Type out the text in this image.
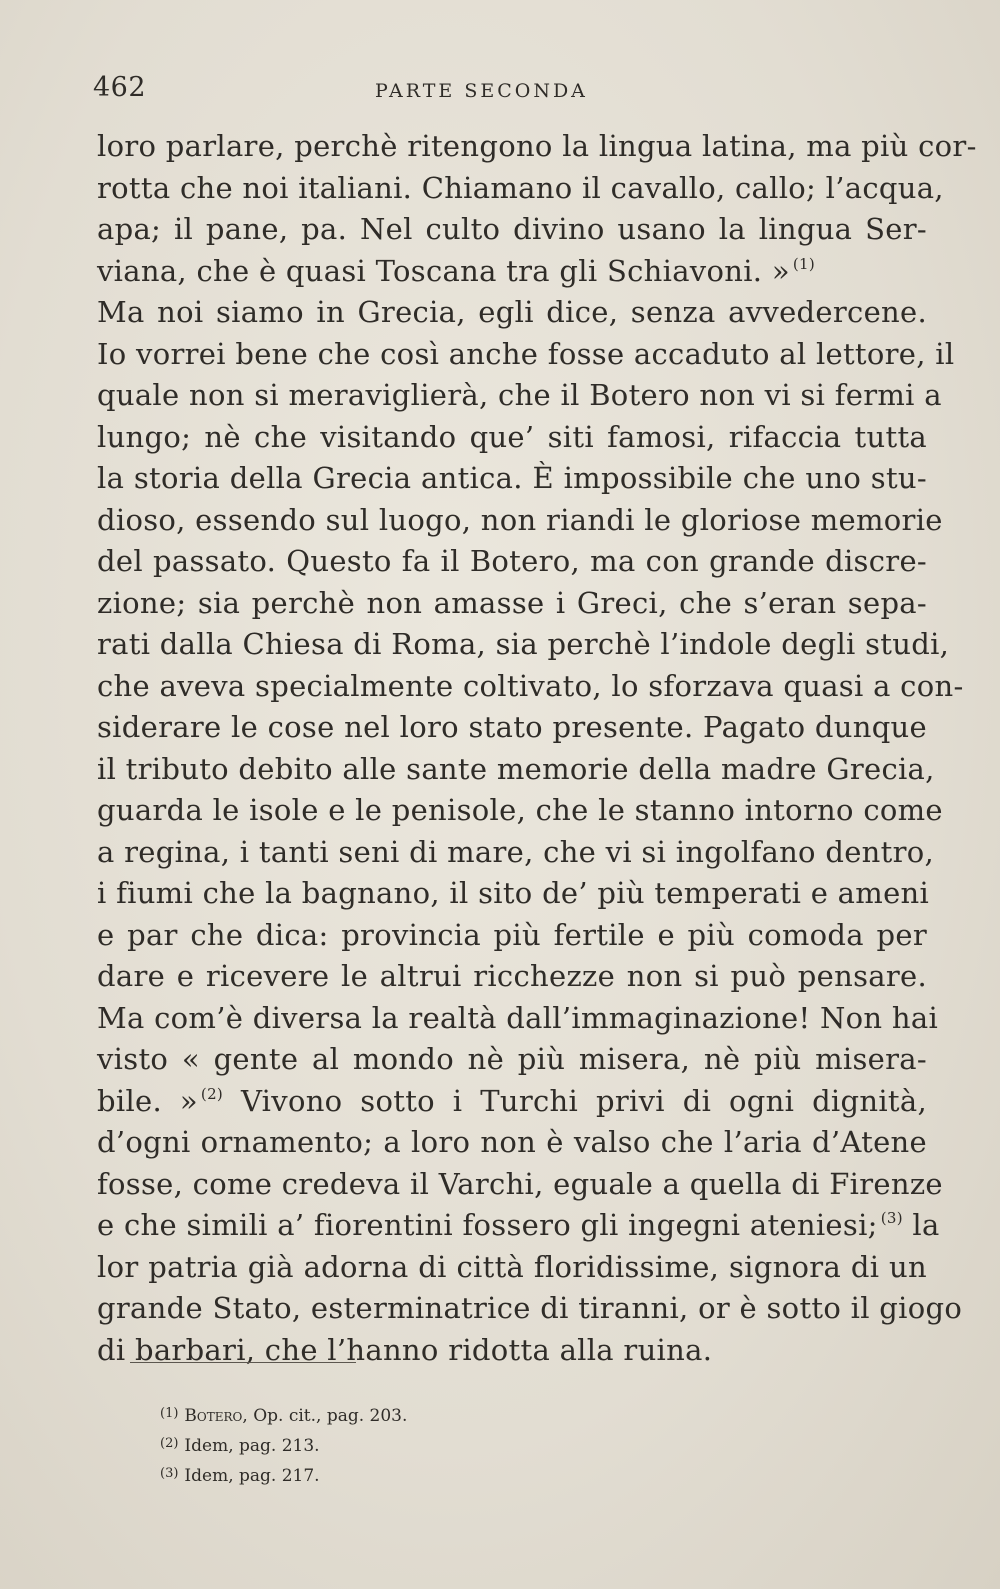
462	PARTE SECONDA
loro parlare, perchè ritengono la lingua latina, ma più cor-
rotta che noi italiani. Chiamano il cavallo, callo; l’acqua,
apa; il pane, pa. Nel culto divino usano la lingua Ser-
viana, che è quasi Toscana tra gli Schiavoni. » $^{(1)}$
Ma noi siamo in Grecia, egli dice, senza avvedercene.
Io vorrei bene che così anche fosse accaduto al lettore, il
quale non si meraviglierà, che il Botero non vi si fermi a
lungo; nè che visitando que’ siti famosi, rifaccia tutta
la storia della Grecia antica. È impossibile che uno stu-
dioso, essendo sul luogo, non riandi le gloriose memorie
del passato. Questo fa il Botero, ma con grande discre-
zione; sia perchè non amasse i Greci, che s’eran sepa-
rati dalla Chiesa di Roma, sia perchè l’indole degli studi,
che aveva specialmente coltivato, lo sforzava quasi a con-
siderare le cose nel loro stato presente. Pagato dunque
il tributo debito alle sante memorie della madre Grecia,
guarda le isole e le penisole, che le stanno intorno come
a regina, i tanti seni di mare, che vi si ingolfano dentro,
i fiumi che la bagnano, il sito de’ più temperati e ameni
e par che dica: provincia più fertile e più comoda per
dare e ricevere le altrui ricchezze non si può pensare.
Ma com’è diversa la realtà dall’immaginazione! Non hai
visto « gente al mondo nè più misera, nè più misera-
bile. » $^{(2)}$ Vivono sotto i Turchi privi di ogni dignità,
d’ogni ornamento; a loro non è valso che l’aria d’Atene
fosse, come credeva il Varchi, eguale a quella di Firenze
e che simili a’ fiorentini fossero gli ingegni ateniesi; $^{(3)}$ la
lor patria già adorna di città floridissime, signora di un
grande Stato, esterminatrice di tiranni, or è sotto il giogo
di barbari, che l’hanno ridotta alla ruina.
$^{(1)}$ Botero, Op. cit., pag. 203.
$^{(2)}$ Idem, pag. 213.
$^{(3)}$ Idem, pag. 217.
